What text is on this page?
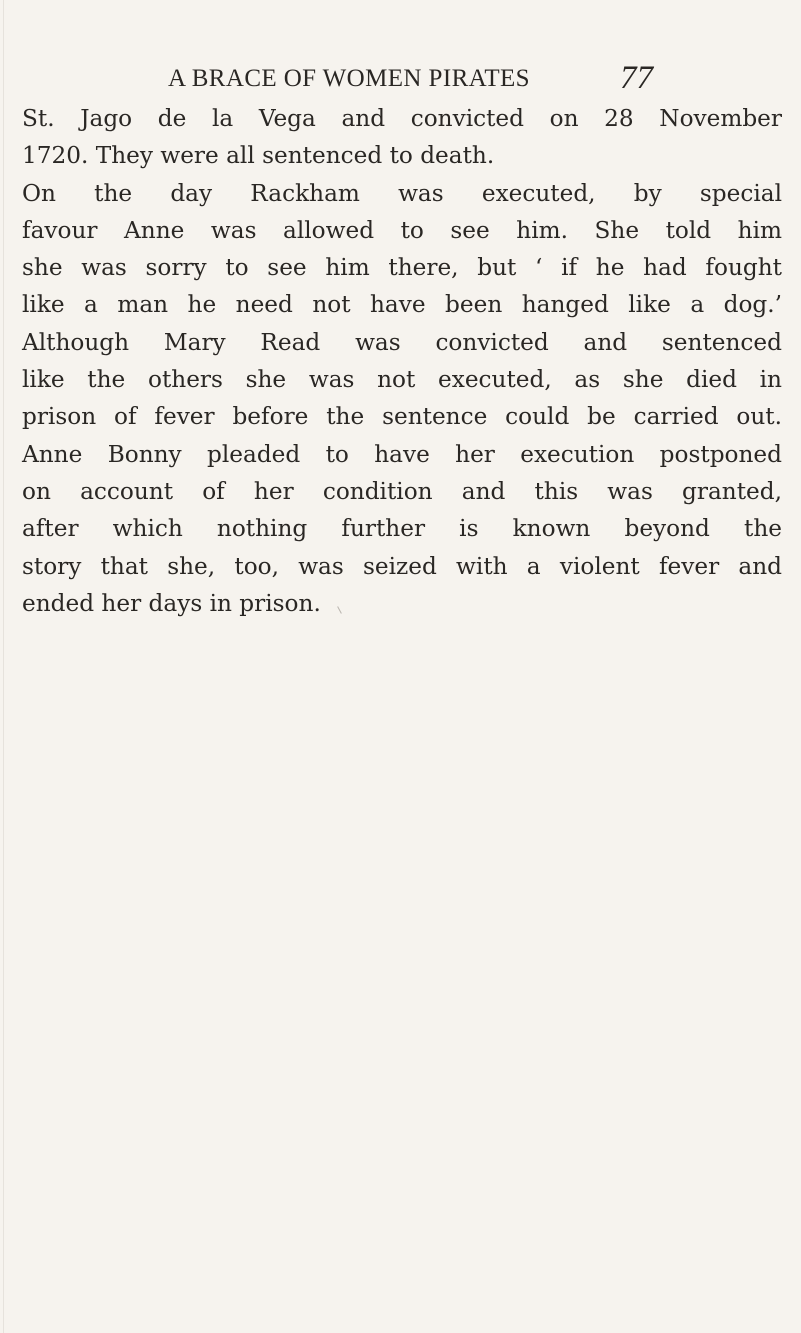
A BRACE OF WOMEN PIRATES	77
St. Jago de la Vega and convicted on 28 November
1720. They were all sentenced to death.
On the day Rackham was executed, by special
favour Anne was allowed to see him. She told him
she was sorry to see him there, but ‘ if he had fought
like a man he need not have been hanged like a dog.’
Although Mary Read was convicted and sentenced
like the others she was not executed, as she died in
prison of fever before the sentence could be carried out.
Anne Bonny pleaded to have her execution postponed
on account of her condition and this was granted,
after which nothing further is known beyond the
story that she, too, was seized with a violent fever and
ended her days in prison.
